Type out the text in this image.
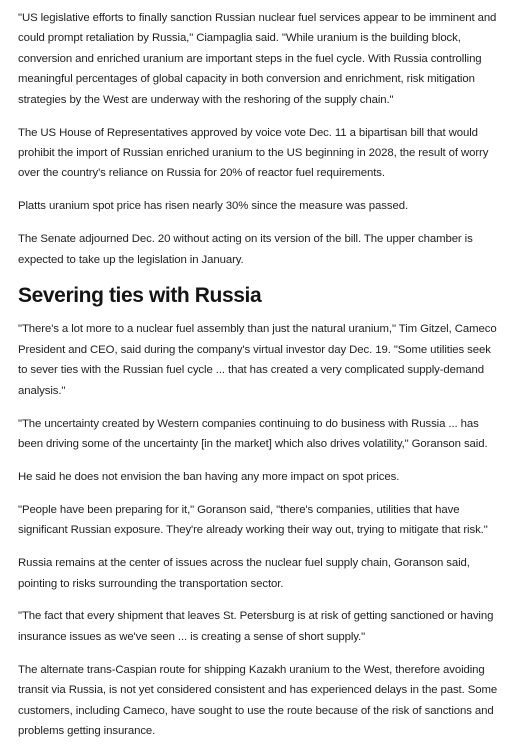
"US legislative efforts to finally sanction Russian nuclear fuel services appear to be imminent and could prompt retaliation by Russia," Ciampaglia said. "While uranium is the building block, conversion and enriched uranium are important steps in the fuel cycle. With Russia controlling meaningful percentages of global capacity in both conversion and enrichment, risk mitigation strategies by the West are underway with the reshoring of the supply chain."

The US House of Representatives approved by voice vote Dec. 11 a bipartisan bill that would prohibit the import of Russian enriched uranium to the US beginning in 2028, the result of worry over the country's reliance on Russia for 20% of reactor fuel requirements.

Platts uranium spot price has risen nearly 30% since the measure was passed.

The Senate adjourned Dec. 20 without acting on its version of the bill. The upper chamber is expected to take up the legislation in January.

Severing ties with Russia

"There's a lot more to a nuclear fuel assembly than just the natural uranium," Tim Gitzel, Cameco President and CEO, said during the company's virtual investor day Dec. 19. "Some utilities seek to sever ties with the Russian fuel cycle ... that has created a very complicated supply-demand analysis."

"The uncertainty created by Western companies continuing to do business with Russia ... has been driving some of the uncertainty [in the market] which also drives volatility," Goranson said.

He said he does not envision the ban having any more impact on spot prices.

"People have been preparing for it," Goranson said, "there's companies, utilities that have significant Russian exposure. They're already working their way out, trying to mitigate that risk."

Russia remains at the center of issues across the nuclear fuel supply chain, Goranson said, pointing to risks surrounding the transportation sector.

"The fact that every shipment that leaves St. Petersburg is at risk of getting sanctioned or having insurance issues as we've seen ... is creating a sense of short supply."

The alternate trans-Caspian route for shipping Kazakh uranium to the West, therefore avoiding transit via Russia, is not yet considered consistent and has experienced delays in the past. Some customers, including Cameco, have sought to use the route because of the risk of sanctions and problems getting insurance.
